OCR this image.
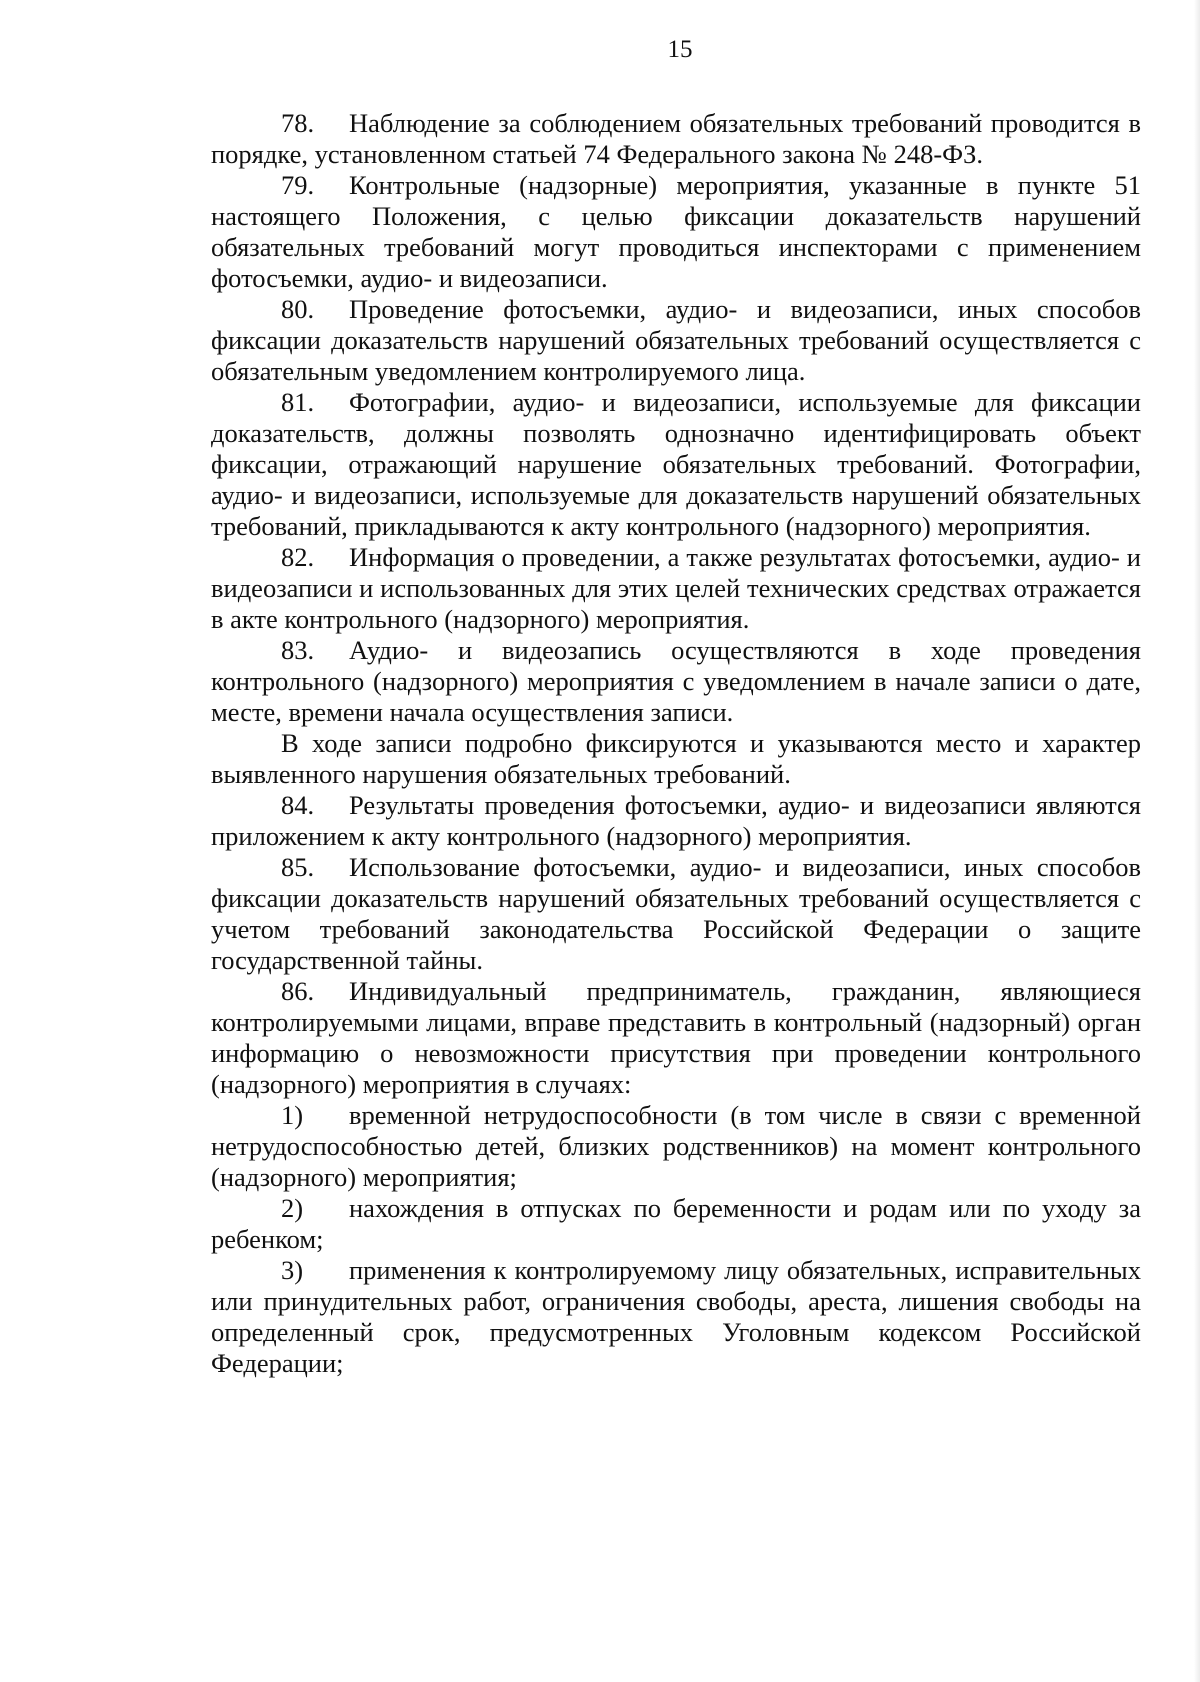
15

78. Наблюдение за соблюдением обязательных требований проводится в порядке, установленном статьей 74 Федерального закона № 248-ФЗ.

79. Контрольные (надзорные) мероприятия, указанные в пункте 51 настоящего Положения, с целью фиксации доказательств нарушений обязательных требований могут проводиться инспекторами с применением фотосъемки, аудио- и видеозаписи.

80. Проведение фотосъемки, аудио- и видеозаписи, иных способов фиксации доказательств нарушений обязательных требований осуществляется с обязательным уведомлением контролируемого лица.

81. Фотографии, аудио- и видеозаписи, используемые для фиксации доказательств, должны позволять однозначно идентифицировать объект фиксации, отражающий нарушение обязательных требований. Фотографии, аудио- и видеозаписи, используемые для доказательств нарушений обязательных требований, прикладываются к акту контрольного (надзорного) мероприятия.

82. Информация о проведении, а также результатах фотосъемки, аудио- и видеозаписи и использованных для этих целей технических средствах отражается в акте контрольного (надзорного) мероприятия.

83. Аудио- и видеозапись осуществляются в ходе проведения контрольного (надзорного) мероприятия с уведомлением в начале записи о дате, месте, времени начала осуществления записи.

В ходе записи подробно фиксируются и указываются место и характер выявленного нарушения обязательных требований.

84. Результаты проведения фотосъемки, аудио- и видеозаписи являются приложением к акту контрольного (надзорного) мероприятия.

85. Использование фотосъемки, аудио- и видеозаписи, иных способов фиксации доказательств нарушений обязательных требований осуществляется с учетом требований законодательства Российской Федерации о защите государственной тайны.

86. Индивидуальный предприниматель, гражданин, являющиеся контролируемыми лицами, вправе представить в контрольный (надзорный) орган информацию о невозможности присутствия при проведении контрольного (надзорного) мероприятия в случаях:

1) временной нетрудоспособности (в том числе в связи с временной нетрудоспособностью детей, близких родственников) на момент контрольного (надзорного) мероприятия;

2) нахождения в отпусках по беременности и родам или по уходу за ребенком;

3) применения к контролируемому лицу обязательных, исправительных или принудительных работ, ограничения свободы, ареста, лишения свободы на определенный срок, предусмотренных Уголовным кодексом Российской Федерации;
